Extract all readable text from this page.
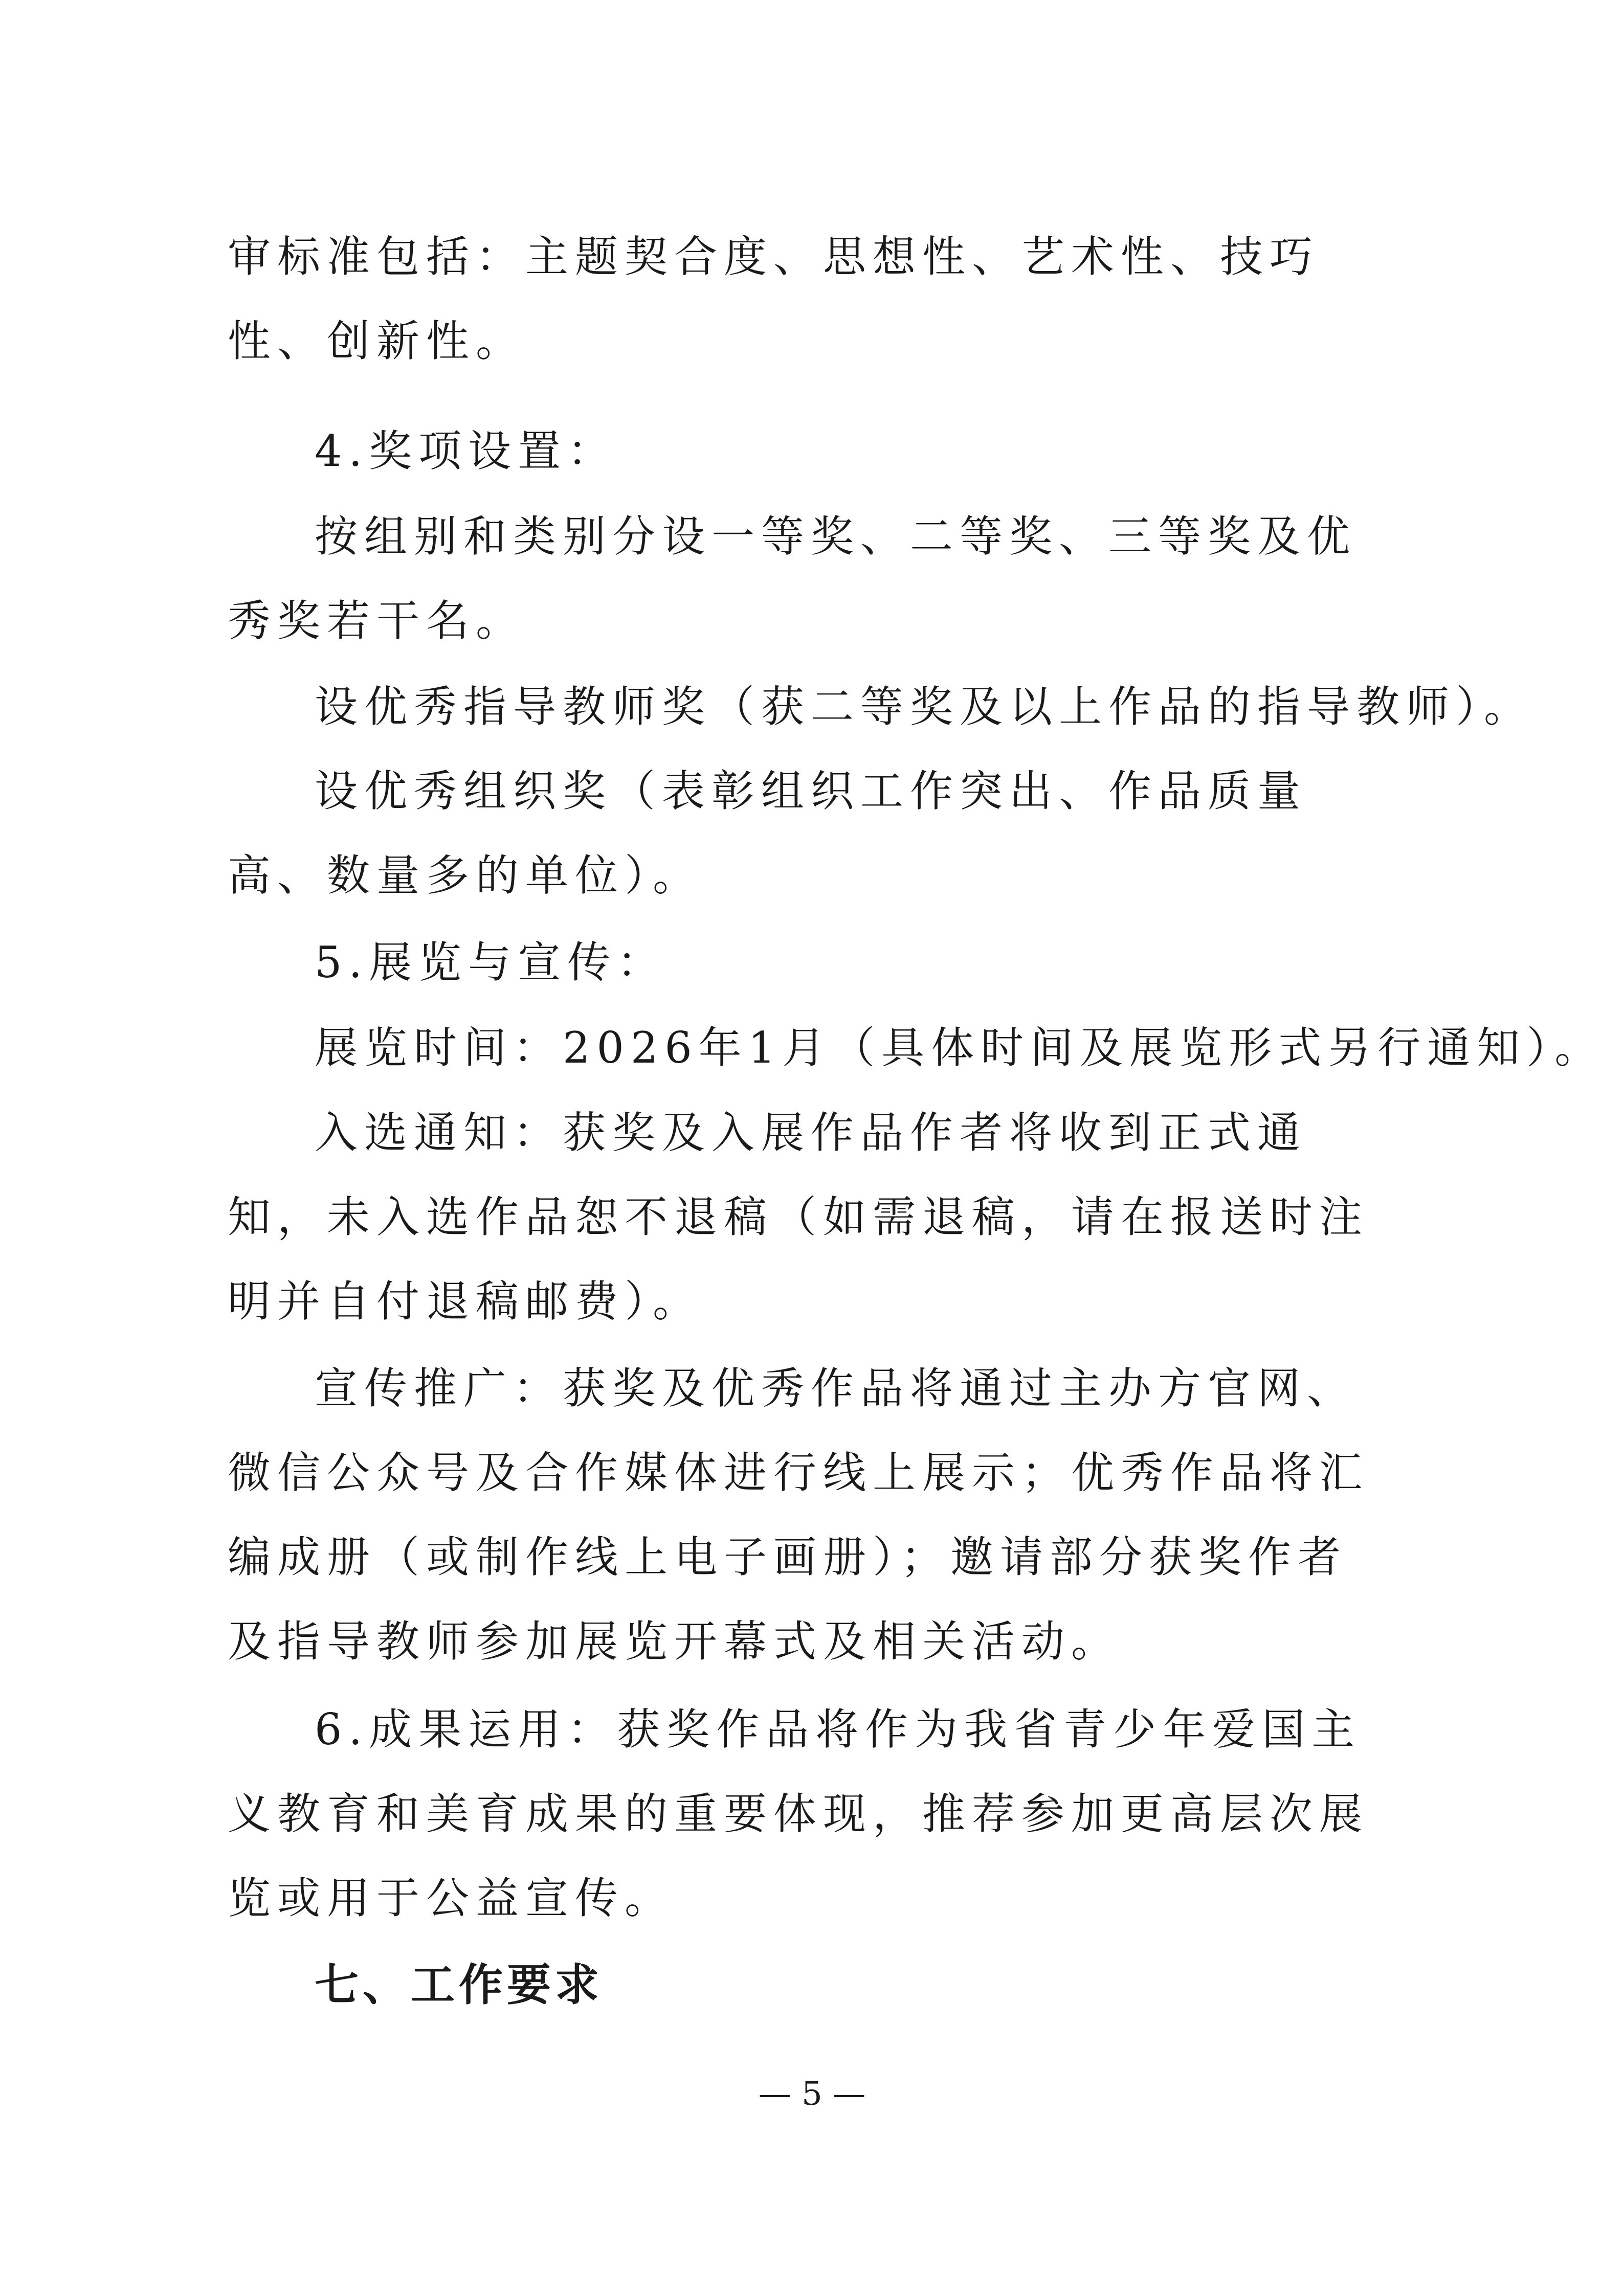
审标准包括：主题契合度、思想性、艺术性、技巧性、创新性。

4.奖项设置：

按组别和类别分设一等奖、二等奖、三等奖及优秀奖若干名。

设优秀指导教师奖（获二等奖及以上作品的指导教师）。

设优秀组织奖（表彰组织工作突出、作品质量高、数量多的单位）。

5.展览与宣传：

展览时间：2026年1月（具体时间及展览形式另行通知）。

入选通知：获奖及入展作品作者将收到正式通知，未入选作品恕不退稿（如需退稿，请在报送时注明并自付退稿邮费）。

宣传推广：获奖及优秀作品将通过主办方官网、微信公众号及合作媒体进行线上展示；优秀作品将汇编成册（或制作线上电子画册）；邀请部分获奖作者及指导教师参加展览开幕式及相关活动。

6.成果运用：获奖作品将作为我省青少年爱国主义教育和美育成果的重要体现，推荐参加更高层次展览或用于公益宣传。

七、工作要求
— 5 —
